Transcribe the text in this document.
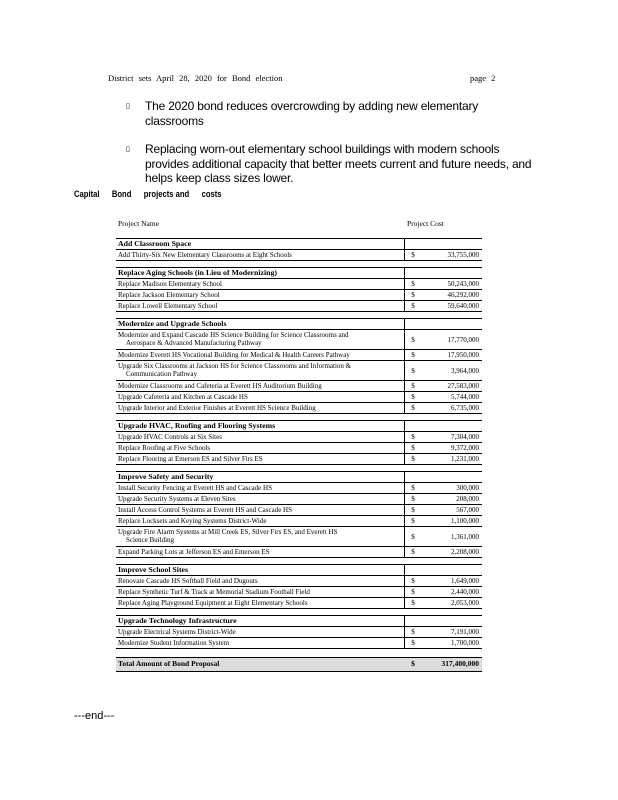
District sets April 28, 2020 for Bond election	page 2
▯	The 2020 bond reduces overcrowding by adding new elementary classrooms
▯	Replacing worn-out elementary school buildings with modern schools provides additional capacity that better meets current and future needs, and helps keep class sizes lower.
Capital Bond projects and costs
Project Name	Project Cost
Add Classroom Space
Add Thirty-Six New Elementary Classrooms at Eight Schools	$	33,755,000
Replace Aging Schools (in Lieu of Modernizing)
Replace Madison Elementary School	$	50,243,000
Replace Jackson Elementary School	$	46,292,000
Replace Lowell Elementary School	$	59,640,000
Modernize and Upgrade Schools
Modernize and Expand Cascade HS Science Building for Science Classrooms and
Aerospace & Advanced Manufacturing Pathway	$	17,770,000
Modernize Everett HS Vocational Building for Medical & Health Careers Pathway	$	17,950,000
Upgrade Six Classrooms at Jackson HS for Science Classrooms and Information &
Communication Pathway	$	3,964,000
Modernize Classrooms and Cafeteria at Everett HS Auditorium Building	$	27,583,000
Upgrade Cafeteria and Kitchen at Cascade HS	$	5,744,000
Upgrade Interior and Exterior Finishes at Everett HS Science Building	$	6,735,000
Upgrade HVAC, Roofing and Flooring Systems
Upgrade HVAC Controls at Six Sites	$	7,304,000
Replace Roofing at Five Schools	$	9,372,000
Replace Flooring at Emerson ES and Silver Firs ES	$	1,231,000
Improve Safety and Security
Install Security Fencing at Everett HS and Cascade HS	$	300,000
Upgrade Security Systems at Eleven Sites	$	208,000
Install Access Control Systems at Everett HS and Cascade HS	$	567,000
Replace Locksets and Keying Systems District-Wide	$	1,100,000
Upgrade Fire Alarm Systems at Mill Creek ES, Silver Firs ES, and Everett HS
Science Building	$	1,361,000
Expand Parking Lots at Jefferson ES and Emerson ES	$	2,208,000
Improve School Sites
Renovate Cascade HS Softball Field and Dugouts	$	1,649,000
Replace Synthetic Turf & Track at Memorial Stadium Football Field	$	2,440,000
Replace Aging Playground Equipment at Eight Elementary Schools	$	2,053,000
Upgrade Technology Infrastructure
Upgrade Electrical Systems District-Wide	$	7,191,000
Modernize Student Information System	$	1,700,000
Total Amount of Bond Proposal	$	317,400,000
---end---
